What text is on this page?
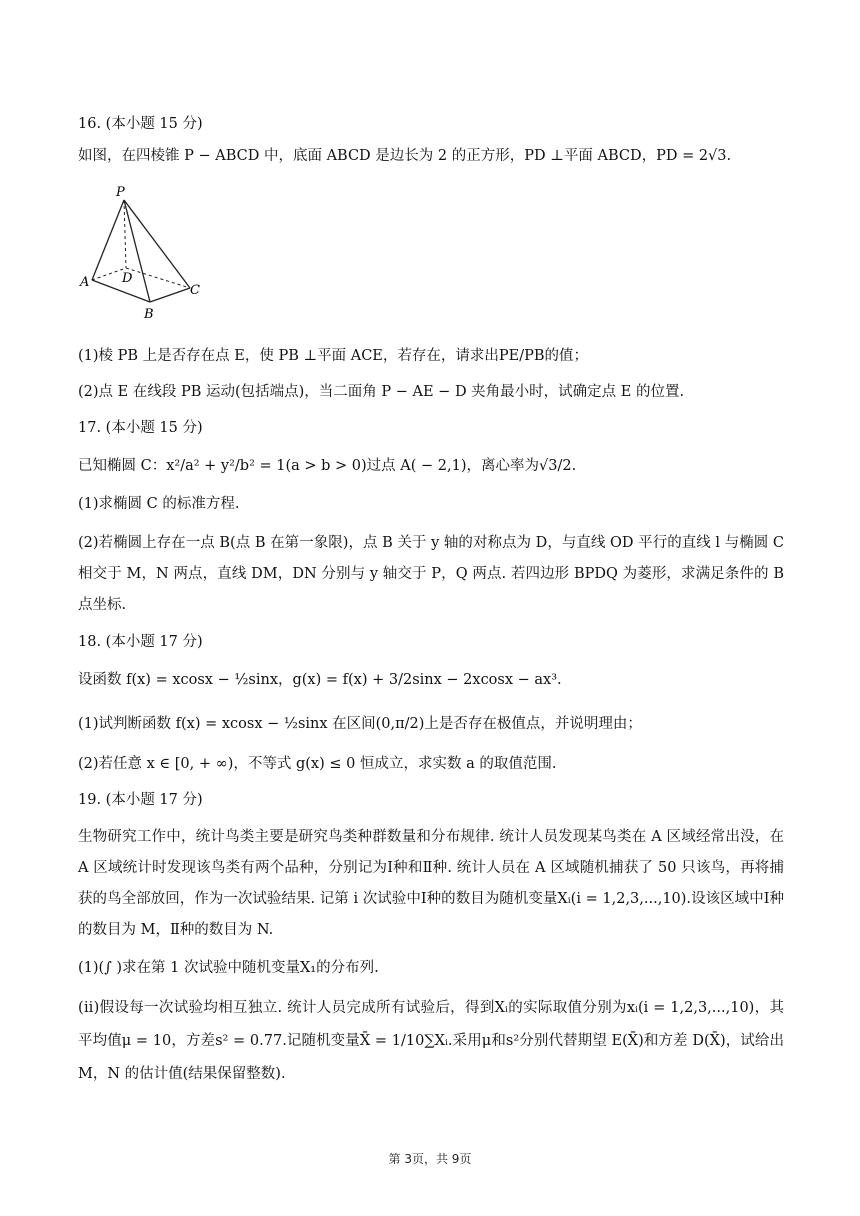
16. (本小题 15 分)
如图，在四棱锥 P − ABCD 中，底面 ABCD 是边长为 2 的正方形，PD ⊥平面 ABCD，PD = 2√3.
P
A	D
C
B
(1)棱 PB 上是否存在点 E，使 PB ⊥平面 ACE，若存在，请求出PE/PB的值；
(2)点 E 在线段 PB 运动(包括端点)，当二面角 P − AE − D 夹角最小时，试确定点 E 的位置.
17. (本小题 15 分)
已知椭圆 C：x²/a² + y²/b² = 1(a > b > 0)过点 A( − 2,1)，离心率为√3/2.
(1)求椭圆 C 的标准方程.
(2)若椭圆上存在一点 B(点 B 在第一象限)，点 B 关于 y 轴的对称点为 D，与直线 OD 平行的直线 l 与椭圆 C 相交于 M，N 两点，直线 DM，DN 分别与 y 轴交于 P，Q 两点. 若四边形 BPDQ 为菱形，求满足条件的 B 点坐标.
18. (本小题 17 分)
设函数 f(x) = xcosx − ½sinx，g(x) = f(x) + 3/2sinx − 2xcosx − ax³.
(1)试判断函数 f(x) = xcosx − ½sinx 在区间(0,π/2)上是否存在极值点，并说明理由；
(2)若任意 x ∈ [0, + ∞)，不等式 g(x) ≤ 0 恒成立，求实数 a 的取值范围.
19. (本小题 17 分)
生物研究工作中，统计鸟类主要是研究鸟类种群数量和分布规律. 统计人员发现某鸟类在 A 区域经常出没，在 A 区域统计时发现该鸟类有两个品种，分别记为Ⅰ种和Ⅱ种. 统计人员在 A 区域随机捕获了 50 只该鸟，再将捕获的鸟全部放回，作为一次试验结果. 记第 i 次试验中Ⅰ种的数目为随机变量Xᵢ(i = 1,2,3,...,10).设该区域中Ⅰ种的数目为 M，Ⅱ种的数目为 N.
(1)(∫ )求在第 1 次试验中随机变量X₁的分布列.
(ⅱ)假设每一次试验均相互独立. 统计人员完成所有试验后，得到Xᵢ的实际取值分别为xᵢ(i = 1,2,3,...,10)，其平均值μ = 10，方差s² = 0.77.记随机变量X̄ = 1/10∑Xᵢ.采用μ和s²分别代替期望 E(X̄)和方差 D(X̄)，试给出 M，N 的估计值(结果保留整数).
第 3页，共 9页
